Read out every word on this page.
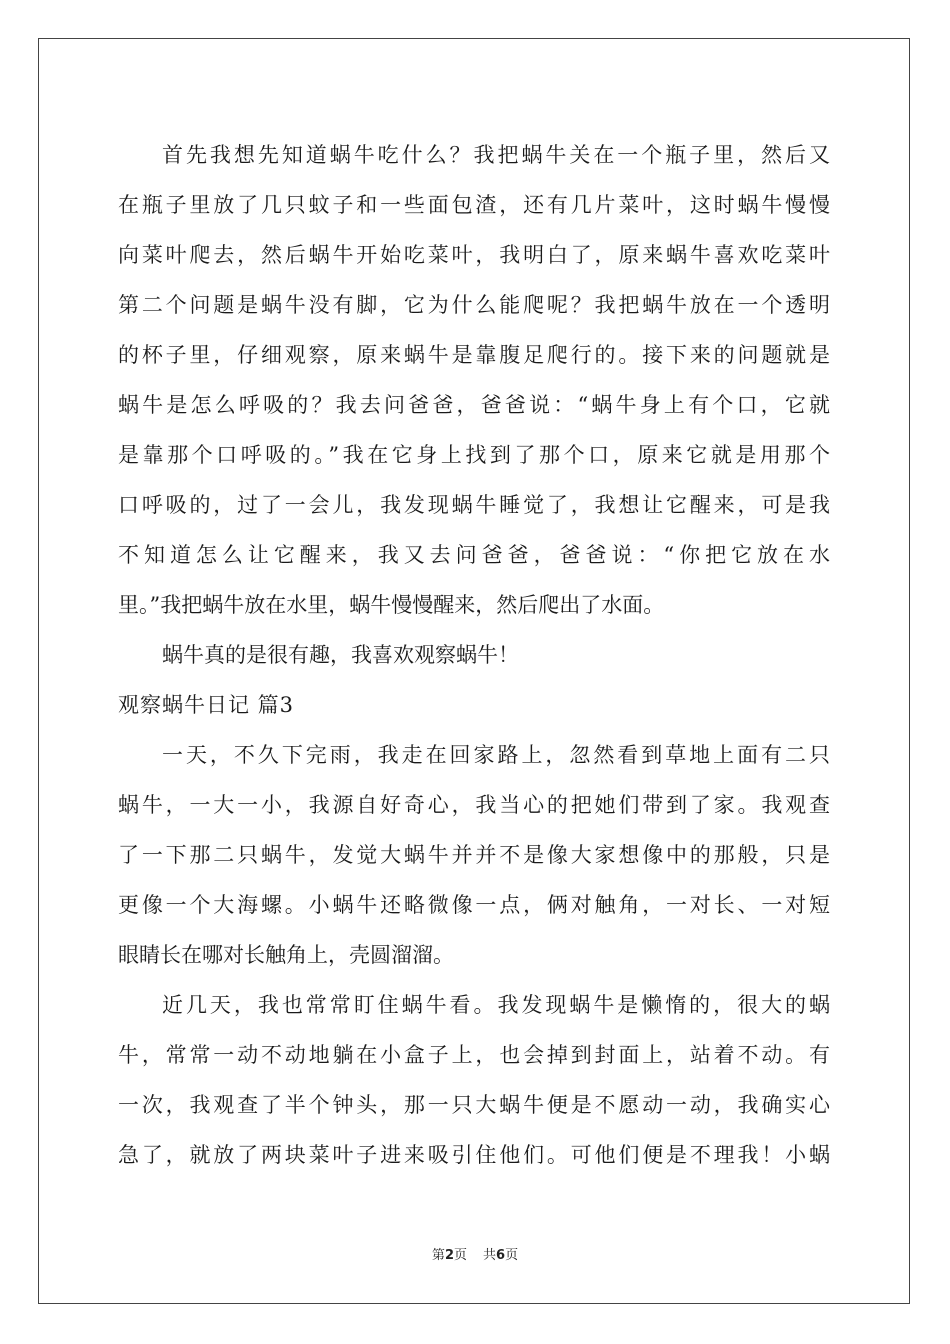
首先我想先知道蜗牛吃什么？我把蜗牛关在一个瓶子里，然后又
在瓶子里放了几只蚊子和一些面包渣，还有几片菜叶，这时蜗牛慢慢
向菜叶爬去，然后蜗牛开始吃菜叶，我明白了，原来蜗牛喜欢吃菜叶
第二个问题是蜗牛没有脚，它为什么能爬呢？我把蜗牛放在一个透明
的杯子里，仔细观察，原来蜗牛是靠腹足爬行的。接下来的问题就是
蜗牛是怎么呼吸的？我去问爸爸，爸爸说：“蜗牛身上有个口，它就
是靠那个口呼吸的。”我在它身上找到了那个口，原来它就是用那个
口呼吸的，过了一会儿，我发现蜗牛睡觉了，我想让它醒来，可是我
不知道怎么让它醒来，我又去问爸爸，爸爸说：“你把它放在水
里。”我把蜗牛放在水里，蜗牛慢慢醒来，然后爬出了水面。
蜗牛真的是很有趣，我喜欢观察蜗牛！
观察蜗牛日记 篇3
一天，不久下完雨，我走在回家路上，忽然看到草地上面有二只
蜗牛，一大一小，我源自好奇心，我当心的把她们带到了家。我观查
了一下那二只蜗牛，发觉大蜗牛并并不是像大家想像中的那般，只是
更像一个大海螺。小蜗牛还略微像一点，俩对触角，一对长、一对短
眼睛长在哪对长触角上，壳圆溜溜。
近几天，我也常常盯住蜗牛看。我发现蜗牛是懒惰的，很大的蜗
牛，常常一动不动地躺在小盒子上，也会掉到封面上，站着不动。有
一次，我观查了半个钟头，那一只大蜗牛便是不愿动一动，我确实心
急了，就放了两块菜叶子进来吸引住他们。可他们便是不理我！小蜗
第2页 共6页
